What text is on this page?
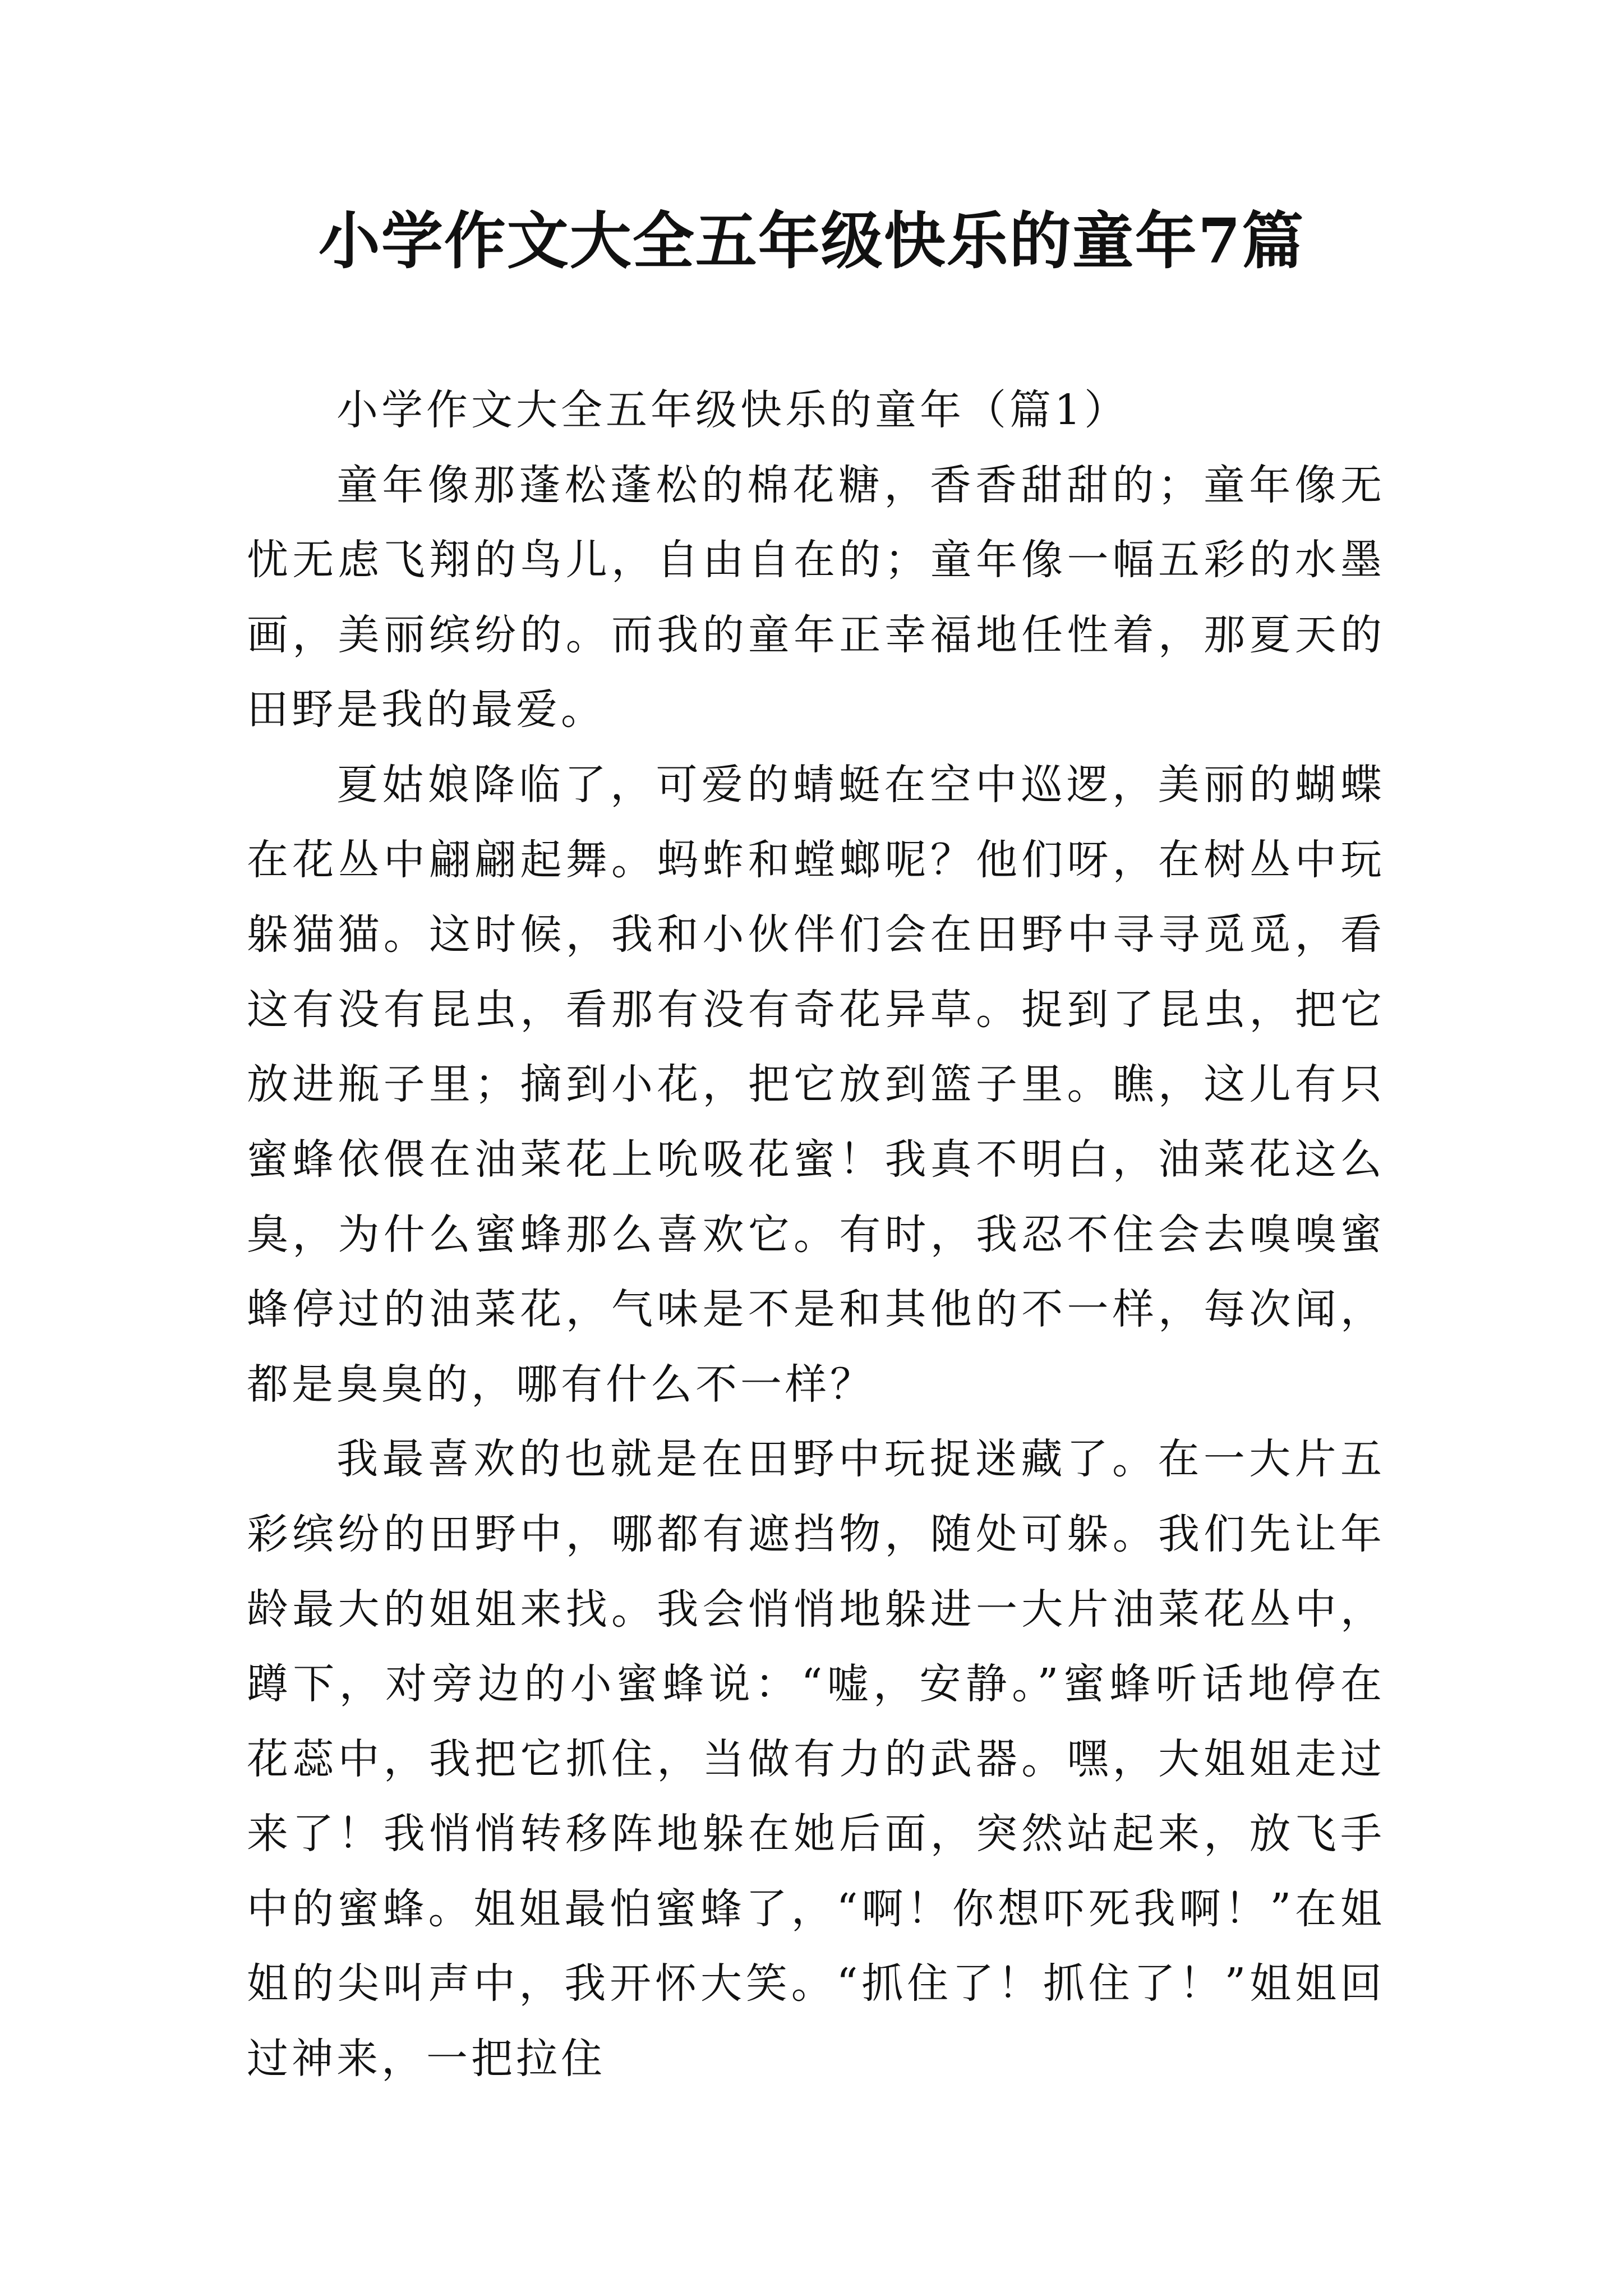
小学作文大全五年级快乐的童年7篇

小学作文大全五年级快乐的童年（篇1）

童年像那蓬松蓬松的棉花糖，香香甜甜的；童年像无忧无虑飞翔的鸟儿，自由自在的；童年像一幅五彩的水墨画，美丽缤纷的。而我的童年正幸福地任性着，那夏天的田野是我的最爱。

夏姑娘降临了，可爱的蜻蜓在空中巡逻，美丽的蝴蝶在花丛中翩翩起舞。蚂蚱和螳螂呢？他们呀，在树丛中玩躲猫猫。这时候，我和小伙伴们会在田野中寻寻觅觅，看这有没有昆虫，看那有没有奇花异草。捉到了昆虫，把它放进瓶子里；摘到小花，把它放到篮子里。瞧，这儿有只蜜蜂依偎在油菜花上吮吸花蜜！我真不明白，油菜花这么臭，为什么蜜蜂那么喜欢它。有时，我忍不住会去嗅嗅蜜蜂停过的油菜花，气味是不是和其他的不一样，每次闻，都是臭臭的，哪有什么不一样？

我最喜欢的也就是在田野中玩捉迷藏了。在一大片五彩缤纷的田野中，哪都有遮挡物，随处可躲。我们先让年龄最大的姐姐来找。我会悄悄地躲进一大片油菜花丛中，蹲下，对旁边的小蜜蜂说：“嘘，安静。”蜜蜂听话地停在花蕊中，我把它抓住，当做有力的武器。嘿，大姐姐走过来了！我悄悄转移阵地躲在她后面，突然站起来，放飞手中的蜜蜂。姐姐最怕蜜蜂了，“啊！你想吓死我啊！”在姐姐的尖叫声中，我开怀大笑。“抓住了！抓住了！”姐姐回过神来，一把拉住
